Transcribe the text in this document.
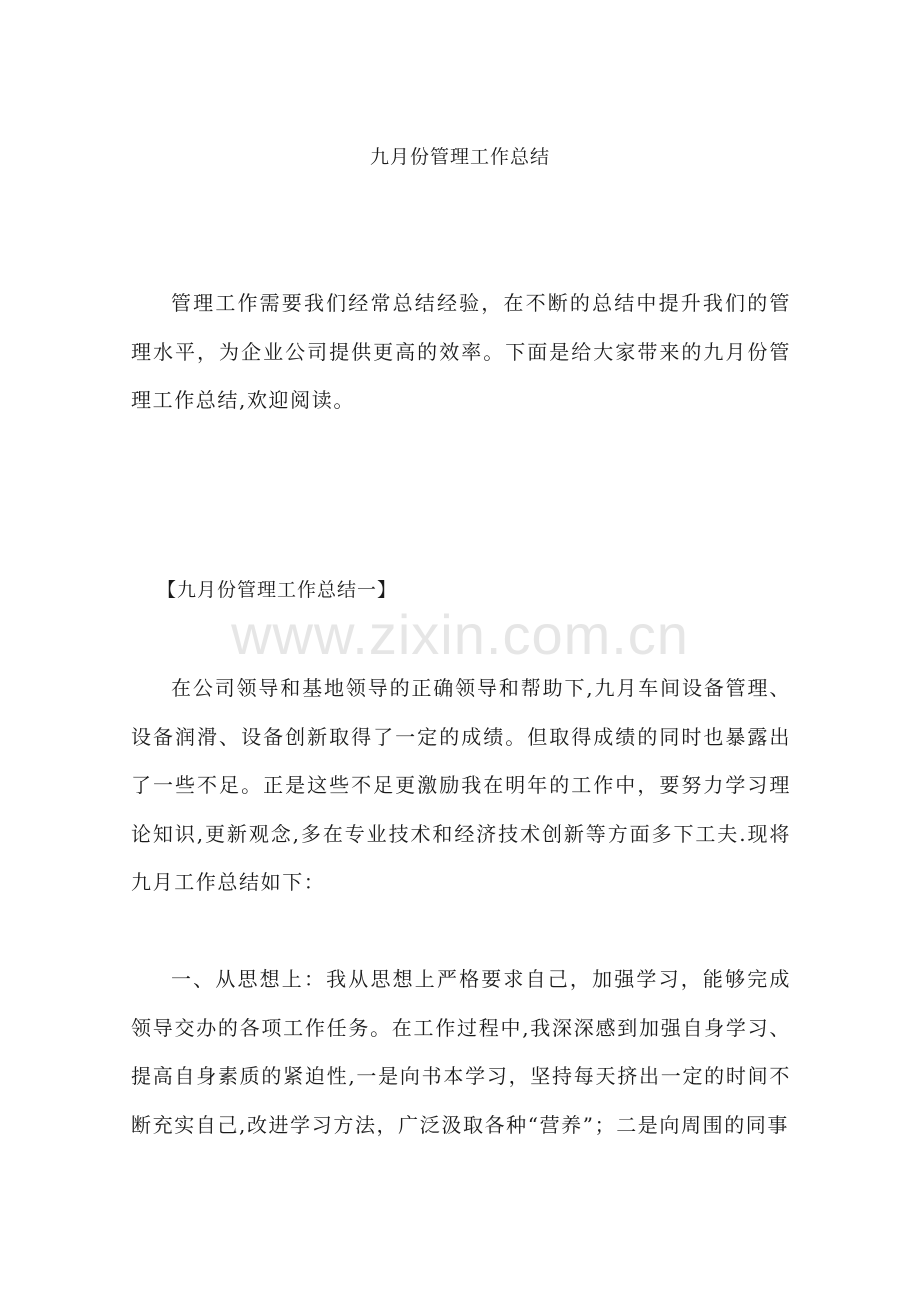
九月份管理工作总结

管理工作需要我们经常总结经验，在不断的总结中提升我们的管理水平，为企业公司提供更高的效率。下面是给大家带来的九月份管理工作总结,欢迎阅读。

【九月份管理工作总结一】
www.zixin.com.cn

在公司领导和基地领导的正确领导和帮助下,九月车间设备管理、设备润滑、设备创新取得了一定的成绩。但取得成绩的同时也暴露出了一些不足。正是这些不足更激励我在明年的工作中，要努力学习理论知识,更新观念,多在专业技术和经济技术创新等方面多下工夫.现将九月工作总结如下：

一、从思想上：我从思想上严格要求自己，加强学习，能够完成领导交办的各项工作任务。在工作过程中,我深深感到加强自身学习、提高自身素质的紧迫性,一是向书本学习，坚持每天挤出一定的时间不断充实自己,改进学习方法，广泛汲取各种“营养”；二是向周围的同事
